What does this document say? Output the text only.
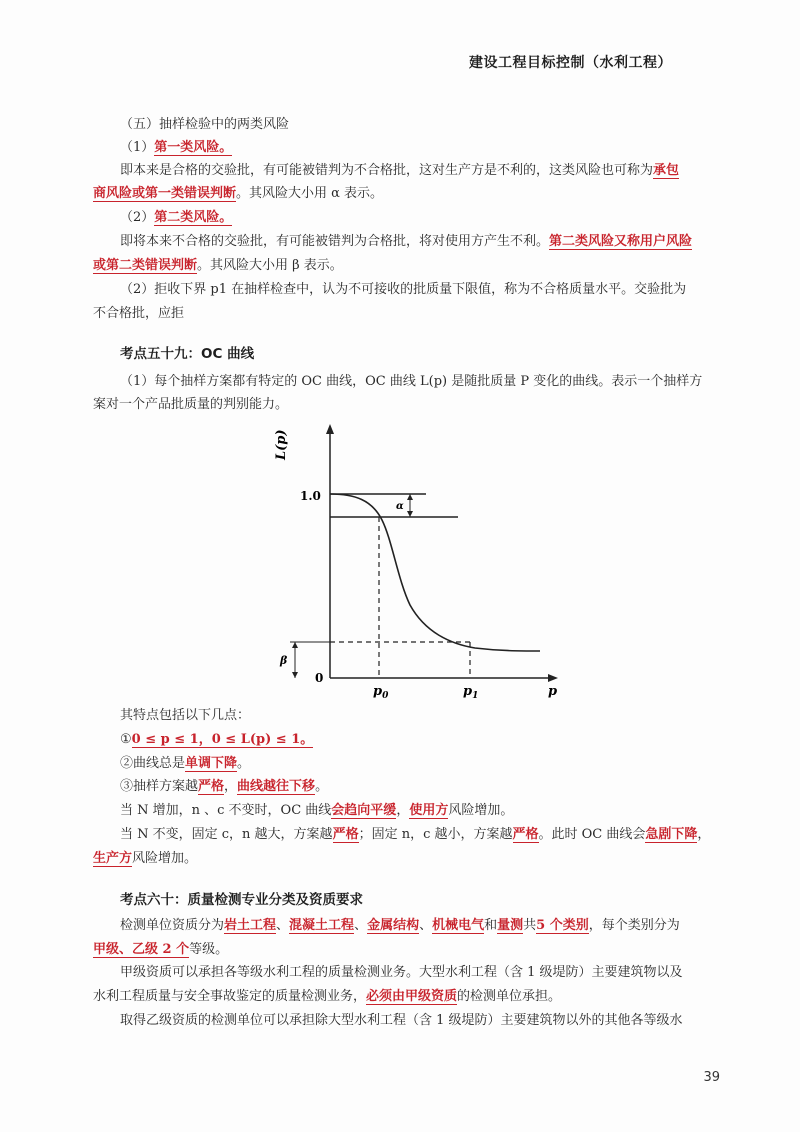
建设工程目标控制（水利工程）
（五）抽样检验中的两类风险
（1）第一类风险。
即本来是合格的交验批，有可能被错判为不合格批，这对生产方是不利的，这类风险也可称为承包
商风险或第一类错误判断。其风险大小用 α 表示。
（2）第二类风险。
即将本来不合格的交验批，有可能被错判为合格批，将对使用方产生不利。第二类风险又称用户风险
或第二类错误判断。其风险大小用 β 表示。
（2）拒收下界 p1 在抽样检查中，认为不可接收的批质量下限值，称为不合格质量水平。交验批为
不合格批，应拒
考点五十九：OC 曲线
（1）每个抽样方案都有特定的 OC 曲线，OC 曲线 L(p) 是随批质量 P 变化的曲线。表示一个抽样方
案对一个产品批质量的判别能力。
L(p)
1.0
0
$p_0$	$p_1$	p
α
β
其特点包括以下几点：
①0 ≤ p ≤ 1，0 ≤ L(p) ≤ 1。
②曲线总是单调下降。
③抽样方案越严格，曲线越往下移。
当 N 增加，n 、c 不变时，OC 曲线会趋向平缓，使用方风险增加。
当 N 不变，固定 c，n 越大，方案越严格；固定 n，c 越小，方案越严格。此时 OC 曲线会急剧下降，
生产方风险增加。
考点六十：质量检测专业分类及资质要求
检测单位资质分为岩土工程、混凝土工程、金属结构、机械电气和量测共5 个类别，每个类别分为
甲级、乙级 2 个等级。
甲级资质可以承担各等级水利工程的质量检测业务。大型水利工程（含 1 级堤防）主要建筑物以及
水利工程质量与安全事故鉴定的质量检测业务，必须由甲级资质的检测单位承担。
取得乙级资质的检测单位可以承担除大型水利工程（含 1 级堤防）主要建筑物以外的其他各等级水
39
